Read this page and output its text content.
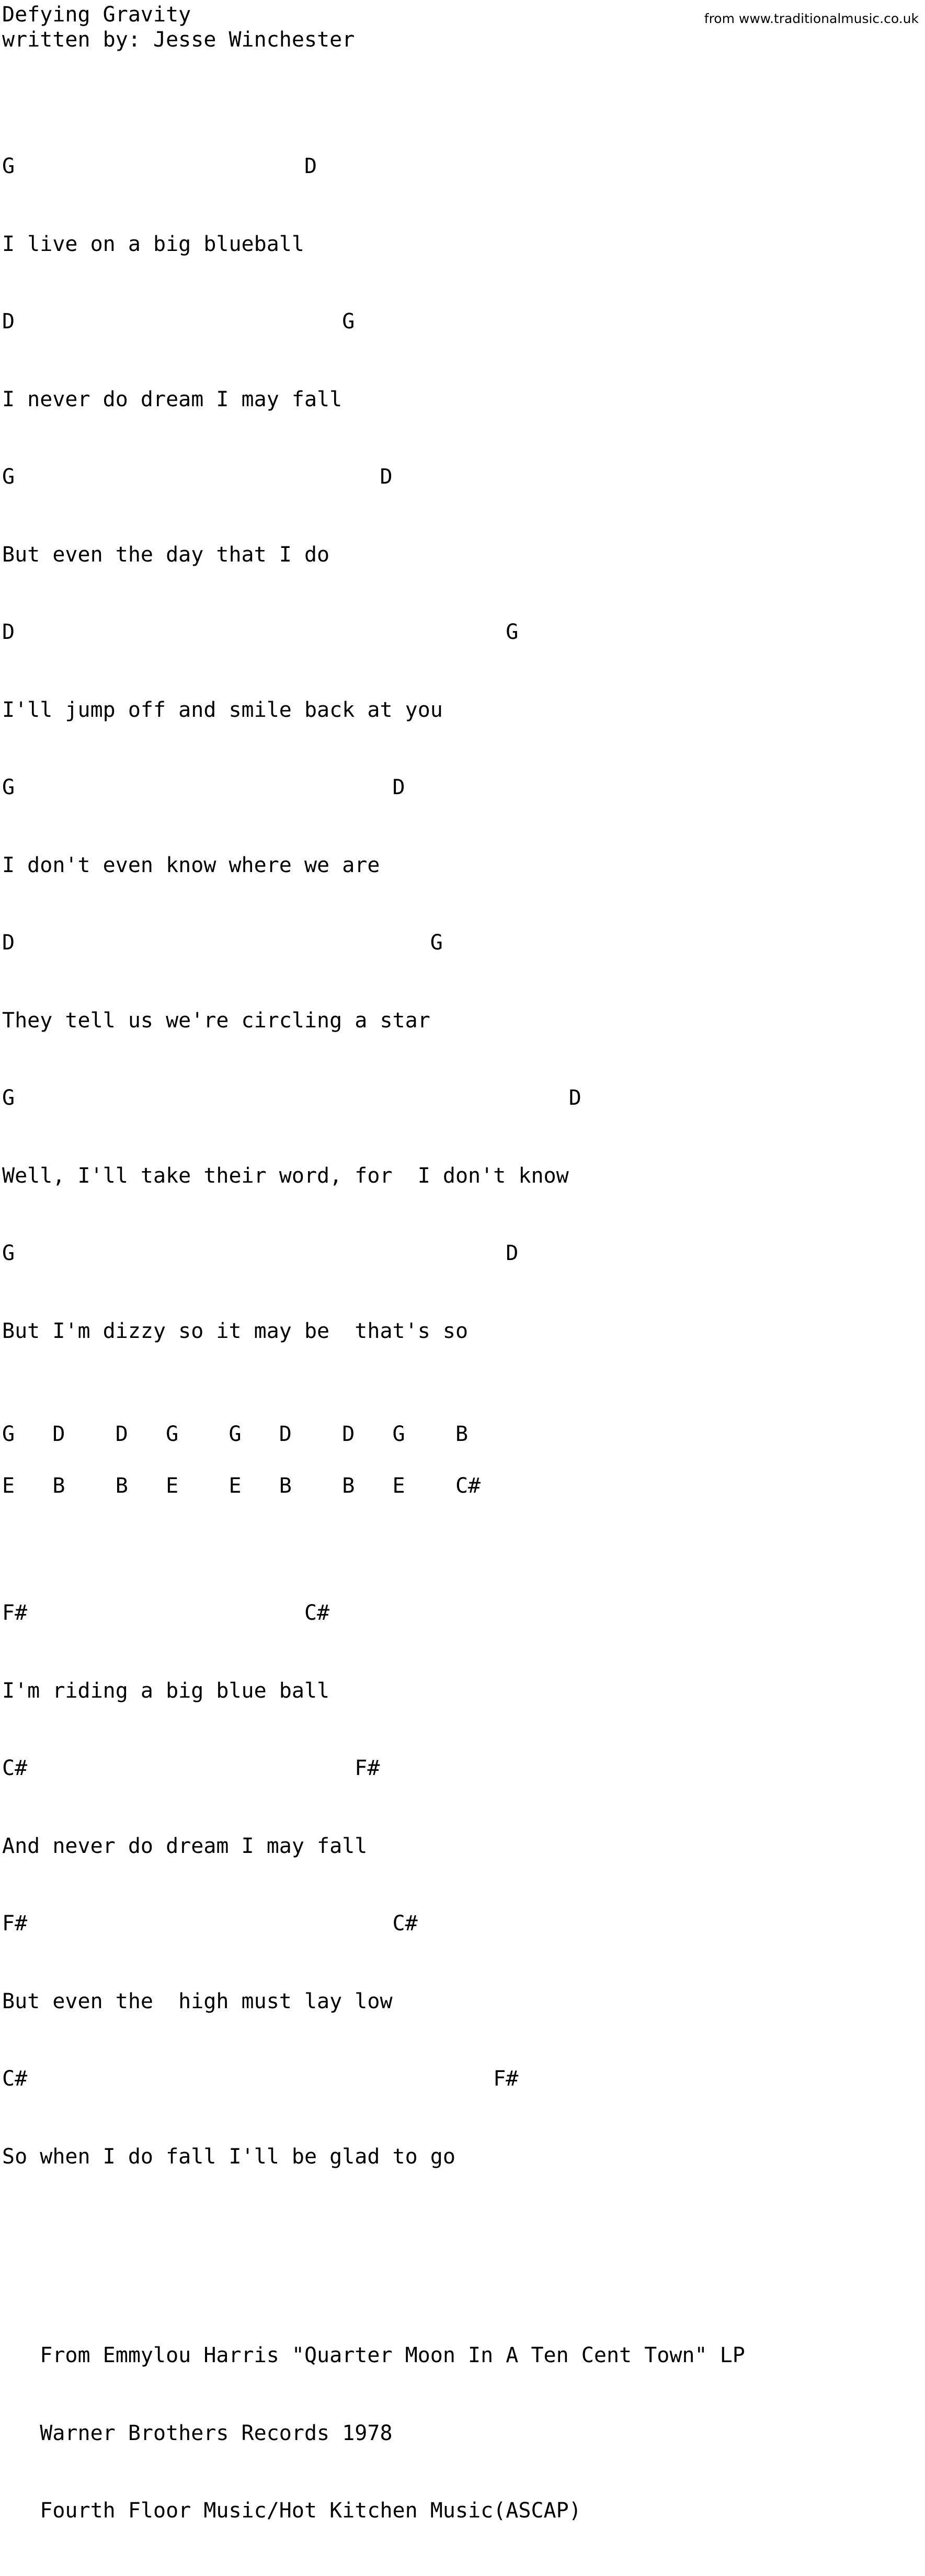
Defying Gravity
written by: Jesse Winchester
from www.traditionalmusic.co.uk

G                       D

I live on a big blueball

D                          G

I never do dream I may fall

G                             D

But even the day that I do

D                                       G

I'll jump off and smile back at you

G                              D

I don't even know where we are

D                                 G

They tell us we're circling a star

G                                            D

Well, I'll take their word, for  I don't know

G                                       D

But I'm dizzy so it may be  that's so

G   D    D   G    G   D    D   G    B
E   B    B   E    E   B    B   E    C#

F#                      C#

I'm riding a big blue ball

C#                          F#

And never do dream I may fall

F#                             C#

But even the  high must lay low

C#                                     F#

So when I do fall I'll be glad to go

From Emmylou Harris "Quarter Moon In A Ten Cent Town" LP

Warner Brothers Records 1978

Fourth Floor Music/Hot Kitchen Music(ASCAP)
